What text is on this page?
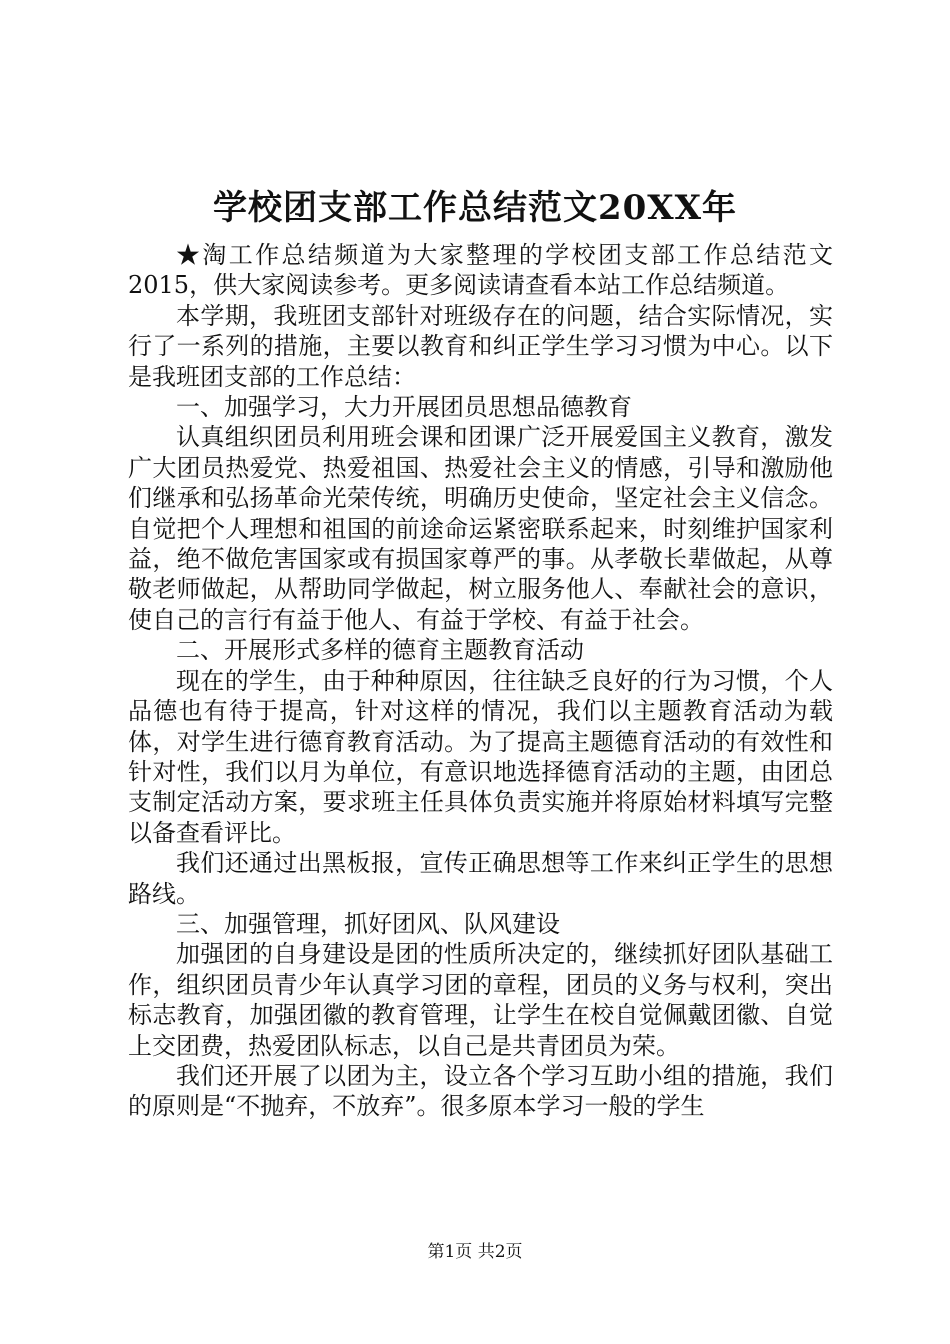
学校团支部工作总结范文20XX年

★淘工作总结频道为大家整理的学校团支部工作总结范文2015，供大家阅读参考。更多阅读请查看本站工作总结频道。

本学期，我班团支部针对班级存在的问题，结合实际情况，实行了一系列的措施，主要以教育和纠正学生学习习惯为中心。以下是我班团支部的工作总结：

一、加强学习，大力开展团员思想品德教育

认真组织团员利用班会课和团课广泛开展爱国主义教育，激发广大团员热爱党、热爱祖国、热爱社会主义的情感，引导和激励他们继承和弘扬革命光荣传统，明确历史使命，坚定社会主义信念。自觉把个人理想和祖国的前途命运紧密联系起来，时刻维护国家利益，绝不做危害国家或有损国家尊严的事。从孝敬长辈做起，从尊敬老师做起，从帮助同学做起，树立服务他人、奉献社会的意识，使自己的言行有益于他人、有益于学校、有益于社会。

二、开展形式多样的德育主题教育活动

现在的学生，由于种种原因，往往缺乏良好的行为习惯，个人品德也有待于提高，针对这样的情况，我们以主题教育活动为载体，对学生进行德育教育活动。为了提高主题德育活动的有效性和针对性，我们以月为单位，有意识地选择德育活动的主题，由团总支制定活动方案，要求班主任具体负责实施并将原始材料填写完整以备查看评比。

我们还通过出黑板报，宣传正确思想等工作来纠正学生的思想路线。

三、加强管理，抓好团风、队风建设

加强团的自身建设是团的性质所决定的，继续抓好团队基础工作，组织团员青少年认真学习团的章程，团员的义务与权利，突出标志教育，加强团徽的教育管理，让学生在校自觉佩戴团徽、自觉上交团费，热爱团队标志，以自己是共青团员为荣。

我们还开展了以团为主，设立各个学习互助小组的措施，我们的原则是“不抛弃，不放弃”。很多原本学习一般的学生

第1页 共2页
